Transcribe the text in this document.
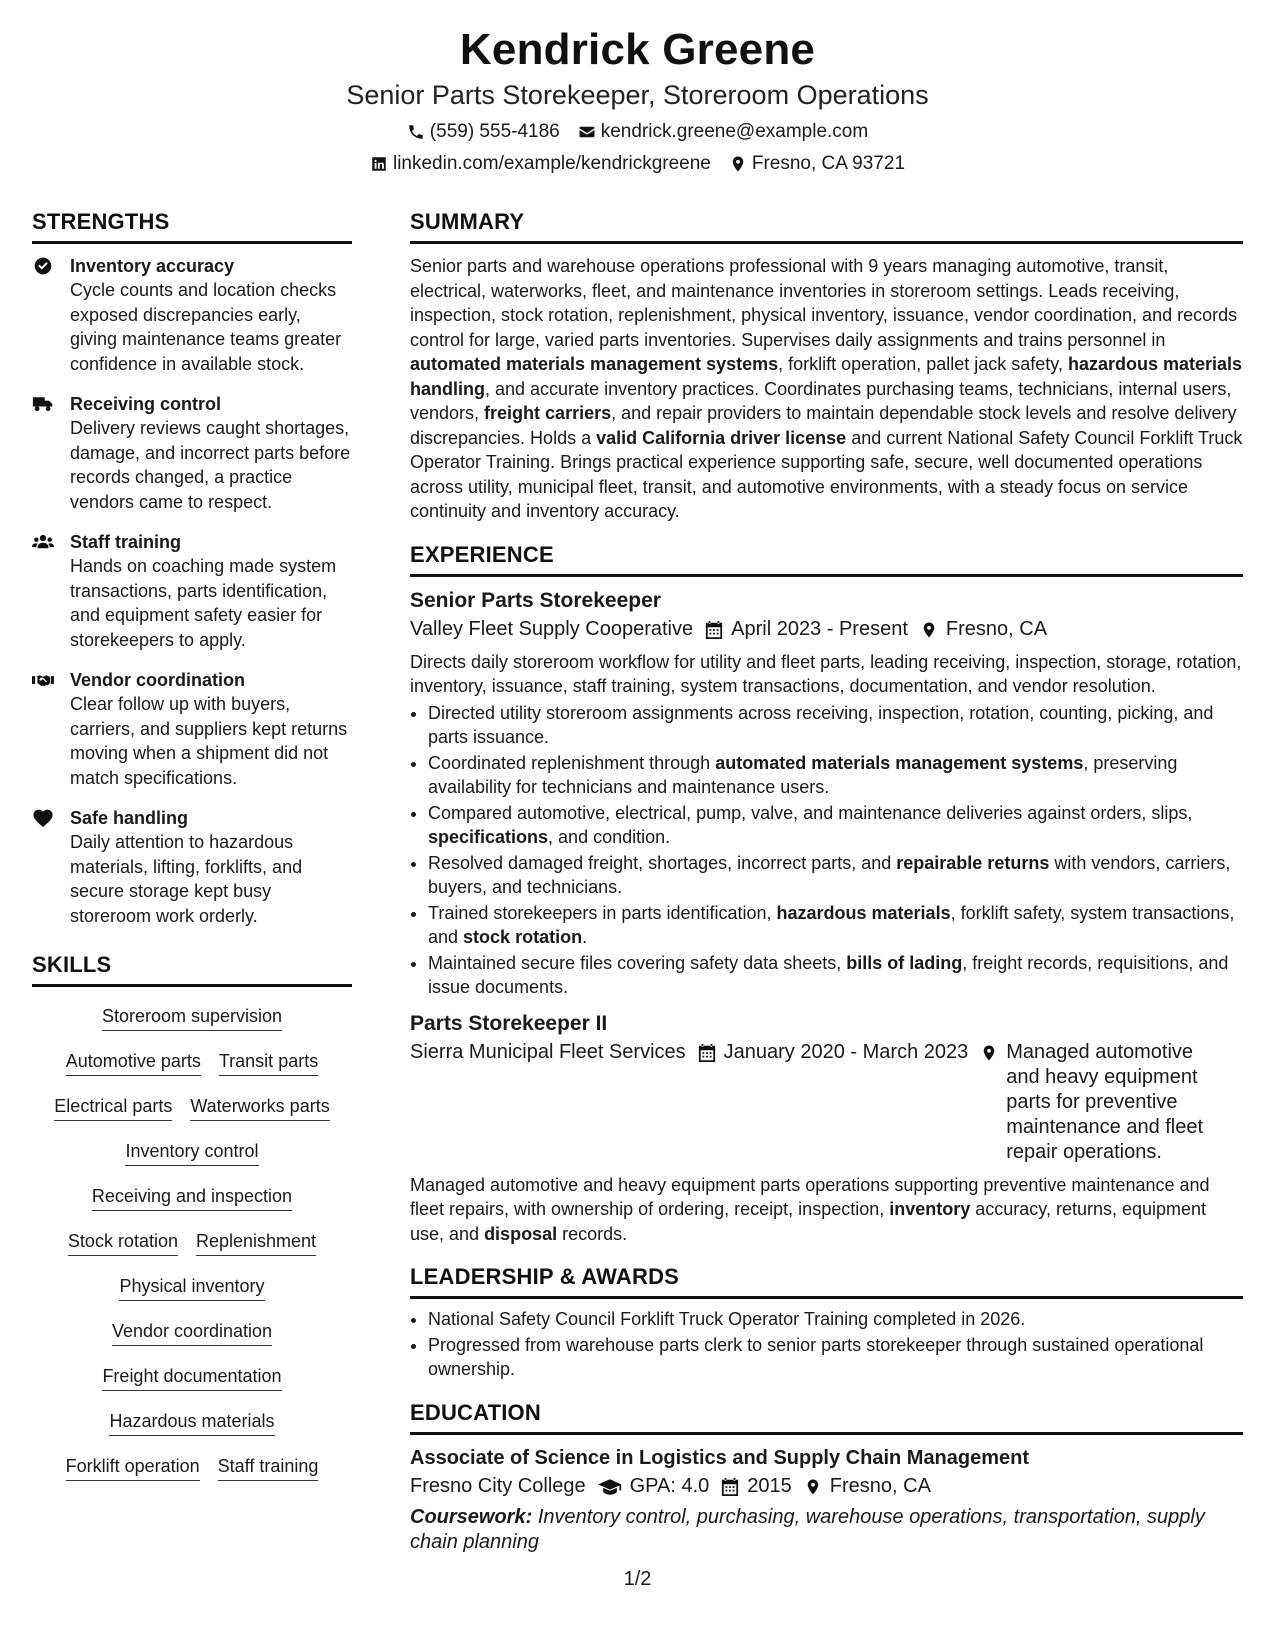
Kendrick Greene
Senior Parts Storekeeper, Storeroom Operations
(559) 555-4186 kendrick.greene@example.com
linkedin.com/example/kendrickgreene Fresno, CA 93721
STRENGTHS
Inventory accuracy
Cycle counts and location checks exposed discrepancies early, giving maintenance teams greater confidence in available stock.
Receiving control
Delivery reviews caught shortages, damage, and incorrect parts before records changed, a practice vendors came to respect.
Staff training
Hands on coaching made system transactions, parts identification, and equipment safety easier for storekeepers to apply.
Vendor coordination
Clear follow up with buyers, carriers, and suppliers kept returns moving when a shipment did not match specifications.
Safe handling
Daily attention to hazardous materials, lifting, forklifts, and secure storage kept busy storeroom work orderly.
SKILLS
Storeroom supervision
Automotive parts Transit parts
Electrical parts Waterworks parts
Inventory control
Receiving and inspection
Stock rotation Replenishment
Physical inventory
Vendor coordination
Freight documentation
Hazardous materials
Forklift operation Staff training
SUMMARY
Senior parts and warehouse operations professional with 9 years managing automotive, transit, electrical, waterworks, fleet, and maintenance inventories in storeroom settings. Leads receiving, inspection, stock rotation, replenishment, physical inventory, issuance, vendor coordination, and records control for large, varied parts inventories. Supervises daily assignments and trains personnel in automated materials management systems, forklift operation, pallet jack safety, hazardous materials handling, and accurate inventory practices. Coordinates purchasing teams, technicians, internal users, vendors, freight carriers, and repair providers to maintain dependable stock levels and resolve delivery discrepancies. Holds a valid California driver license and current National Safety Council Forklift Truck Operator Training. Brings practical experience supporting safe, secure, well documented operations across utility, municipal fleet, transit, and automotive environments, with a steady focus on service continuity and inventory accuracy.
EXPERIENCE
Senior Parts Storekeeper
Valley Fleet Supply Cooperative April 2023 - Present Fresno, CA
Directs daily storeroom workflow for utility and fleet parts, leading receiving, inspection, storage, rotation, inventory, issuance, staff training, system transactions, documentation, and vendor resolution.
• Directed utility storeroom assignments across receiving, inspection, rotation, counting, picking, and parts issuance.
• Coordinated replenishment through automated materials management systems, preserving availability for technicians and maintenance users.
• Compared automotive, electrical, pump, valve, and maintenance deliveries against orders, slips, specifications, and condition.
• Resolved damaged freight, shortages, incorrect parts, and repairable returns with vendors, carriers, buyers, and technicians.
• Trained storekeepers in parts identification, hazardous materials, forklift safety, system transactions, and stock rotation.
• Maintained secure files covering safety data sheets, bills of lading, freight records, requisitions, and issue documents.
Parts Storekeeper II
Sierra Municipal Fleet Services January 2020 - March 2023 Managed automotive and heavy equipment parts for preventive maintenance and fleet repair operations.
Managed automotive and heavy equipment parts operations supporting preventive maintenance and fleet repairs, with ownership of ordering, receipt, inspection, inventory accuracy, returns, equipment use, and disposal records.
LEADERSHIP & AWARDS
• National Safety Council Forklift Truck Operator Training completed in 2026.
• Progressed from warehouse parts clerk to senior parts storekeeper through sustained operational ownership.
EDUCATION
Associate of Science in Logistics and Supply Chain Management
Fresno City College GPA: 4.0 2015 Fresno, CA
Coursework: Inventory control, purchasing, warehouse operations, transportation, supply chain planning
1/2
